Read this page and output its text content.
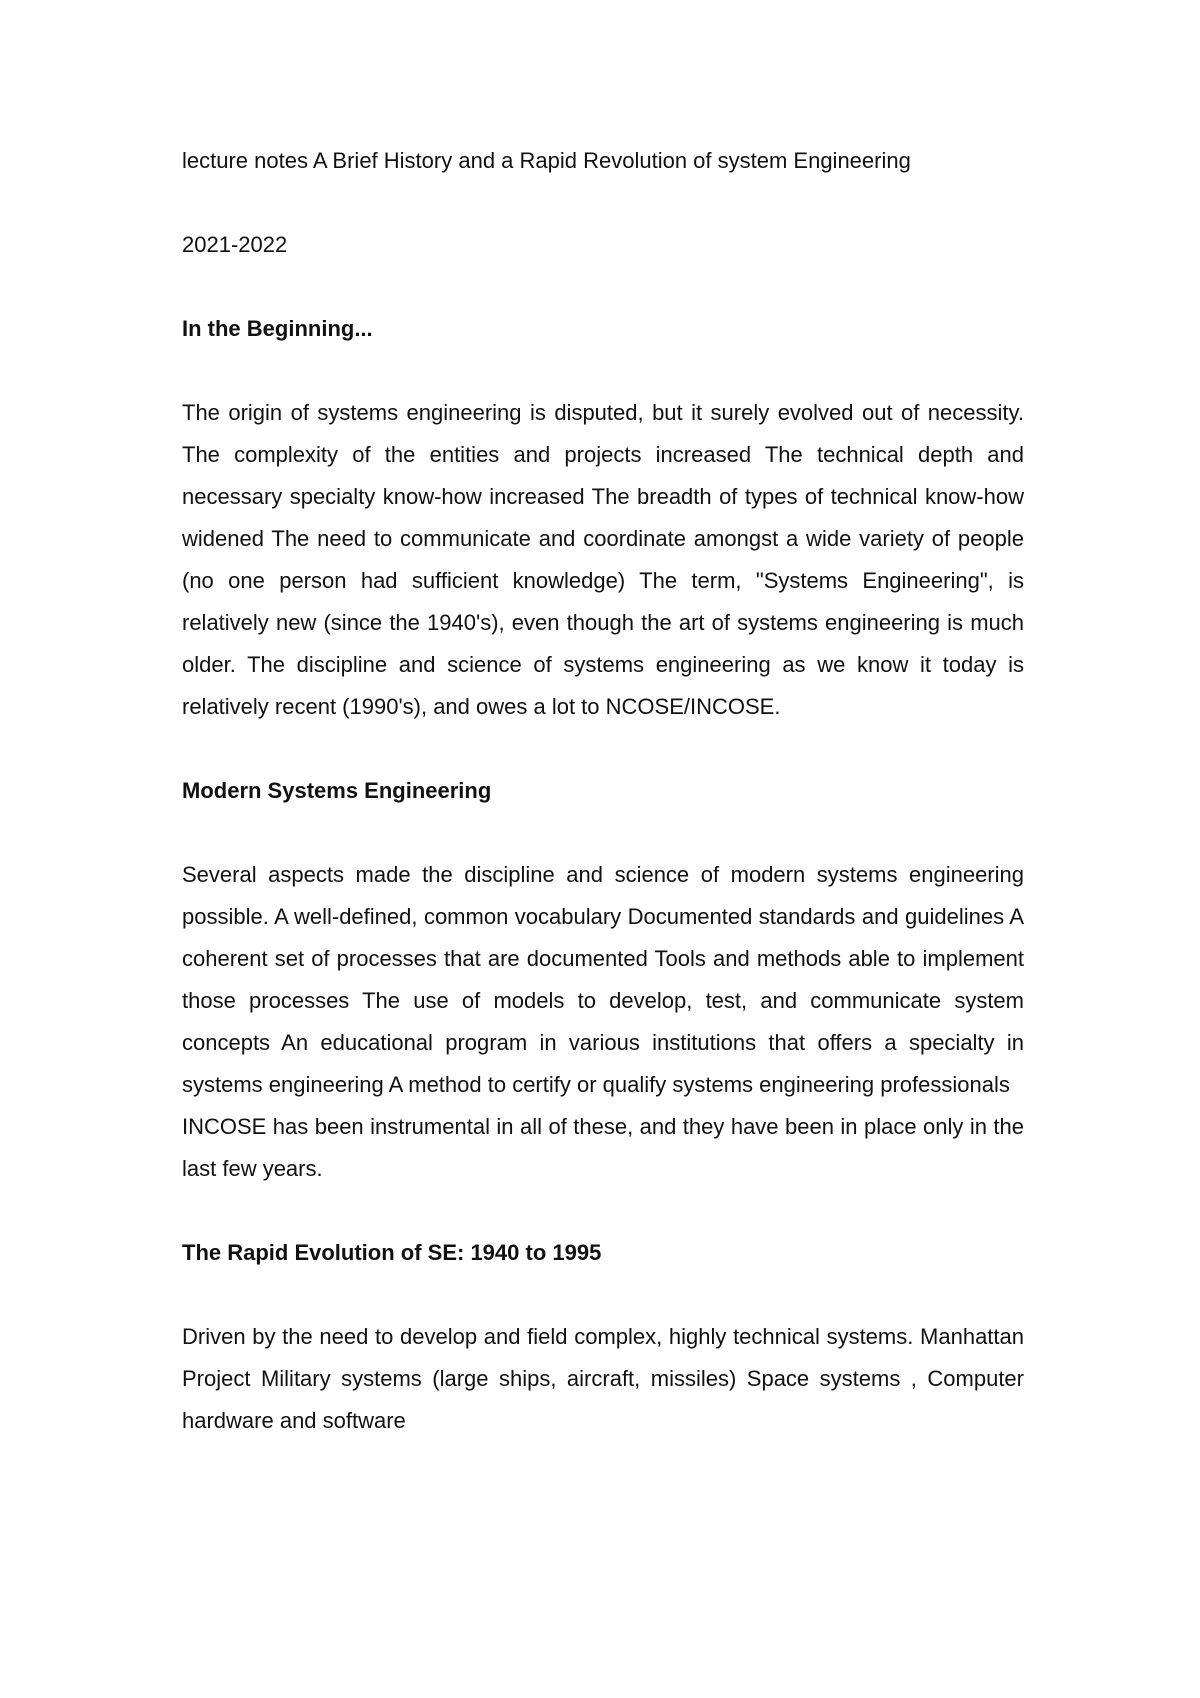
lecture notes A Brief History and a Rapid Revolution of system Engineering

2021-2022

In the Beginning...

The origin of systems engineering is disputed, but it surely evolved out of necessity. The complexity of the entities and projects increased The technical depth and necessary specialty know-how increased The breadth of types of technical know-how widened The need to communicate and coordinate amongst a wide variety of people (no one person had sufficient knowledge) The term, "Systems Engineering", is relatively new (since the 1940's), even though the art of systems engineering is much older. The discipline and science of systems engineering as we know it today is relatively recent (1990's), and owes a lot to NCOSE/INCOSE.

Modern Systems Engineering

Several aspects made the discipline and science of modern systems engineering possible. A well-defined, common vocabulary Documented standards and guidelines A coherent set of processes that are documented Tools and methods able to implement those processes The use of models to develop, test, and communicate system concepts An educational program in various institutions that offers a specialty in systems engineering A method to certify or qualify systems engineering professionals

INCOSE has been instrumental in all of these, and they have been in place only in the last few years.

The Rapid Evolution of SE: 1940 to 1995

Driven by the need to develop and field complex, highly technical systems. Manhattan Project Military systems (large ships, aircraft, missiles) Space systems , Computer hardware and software
